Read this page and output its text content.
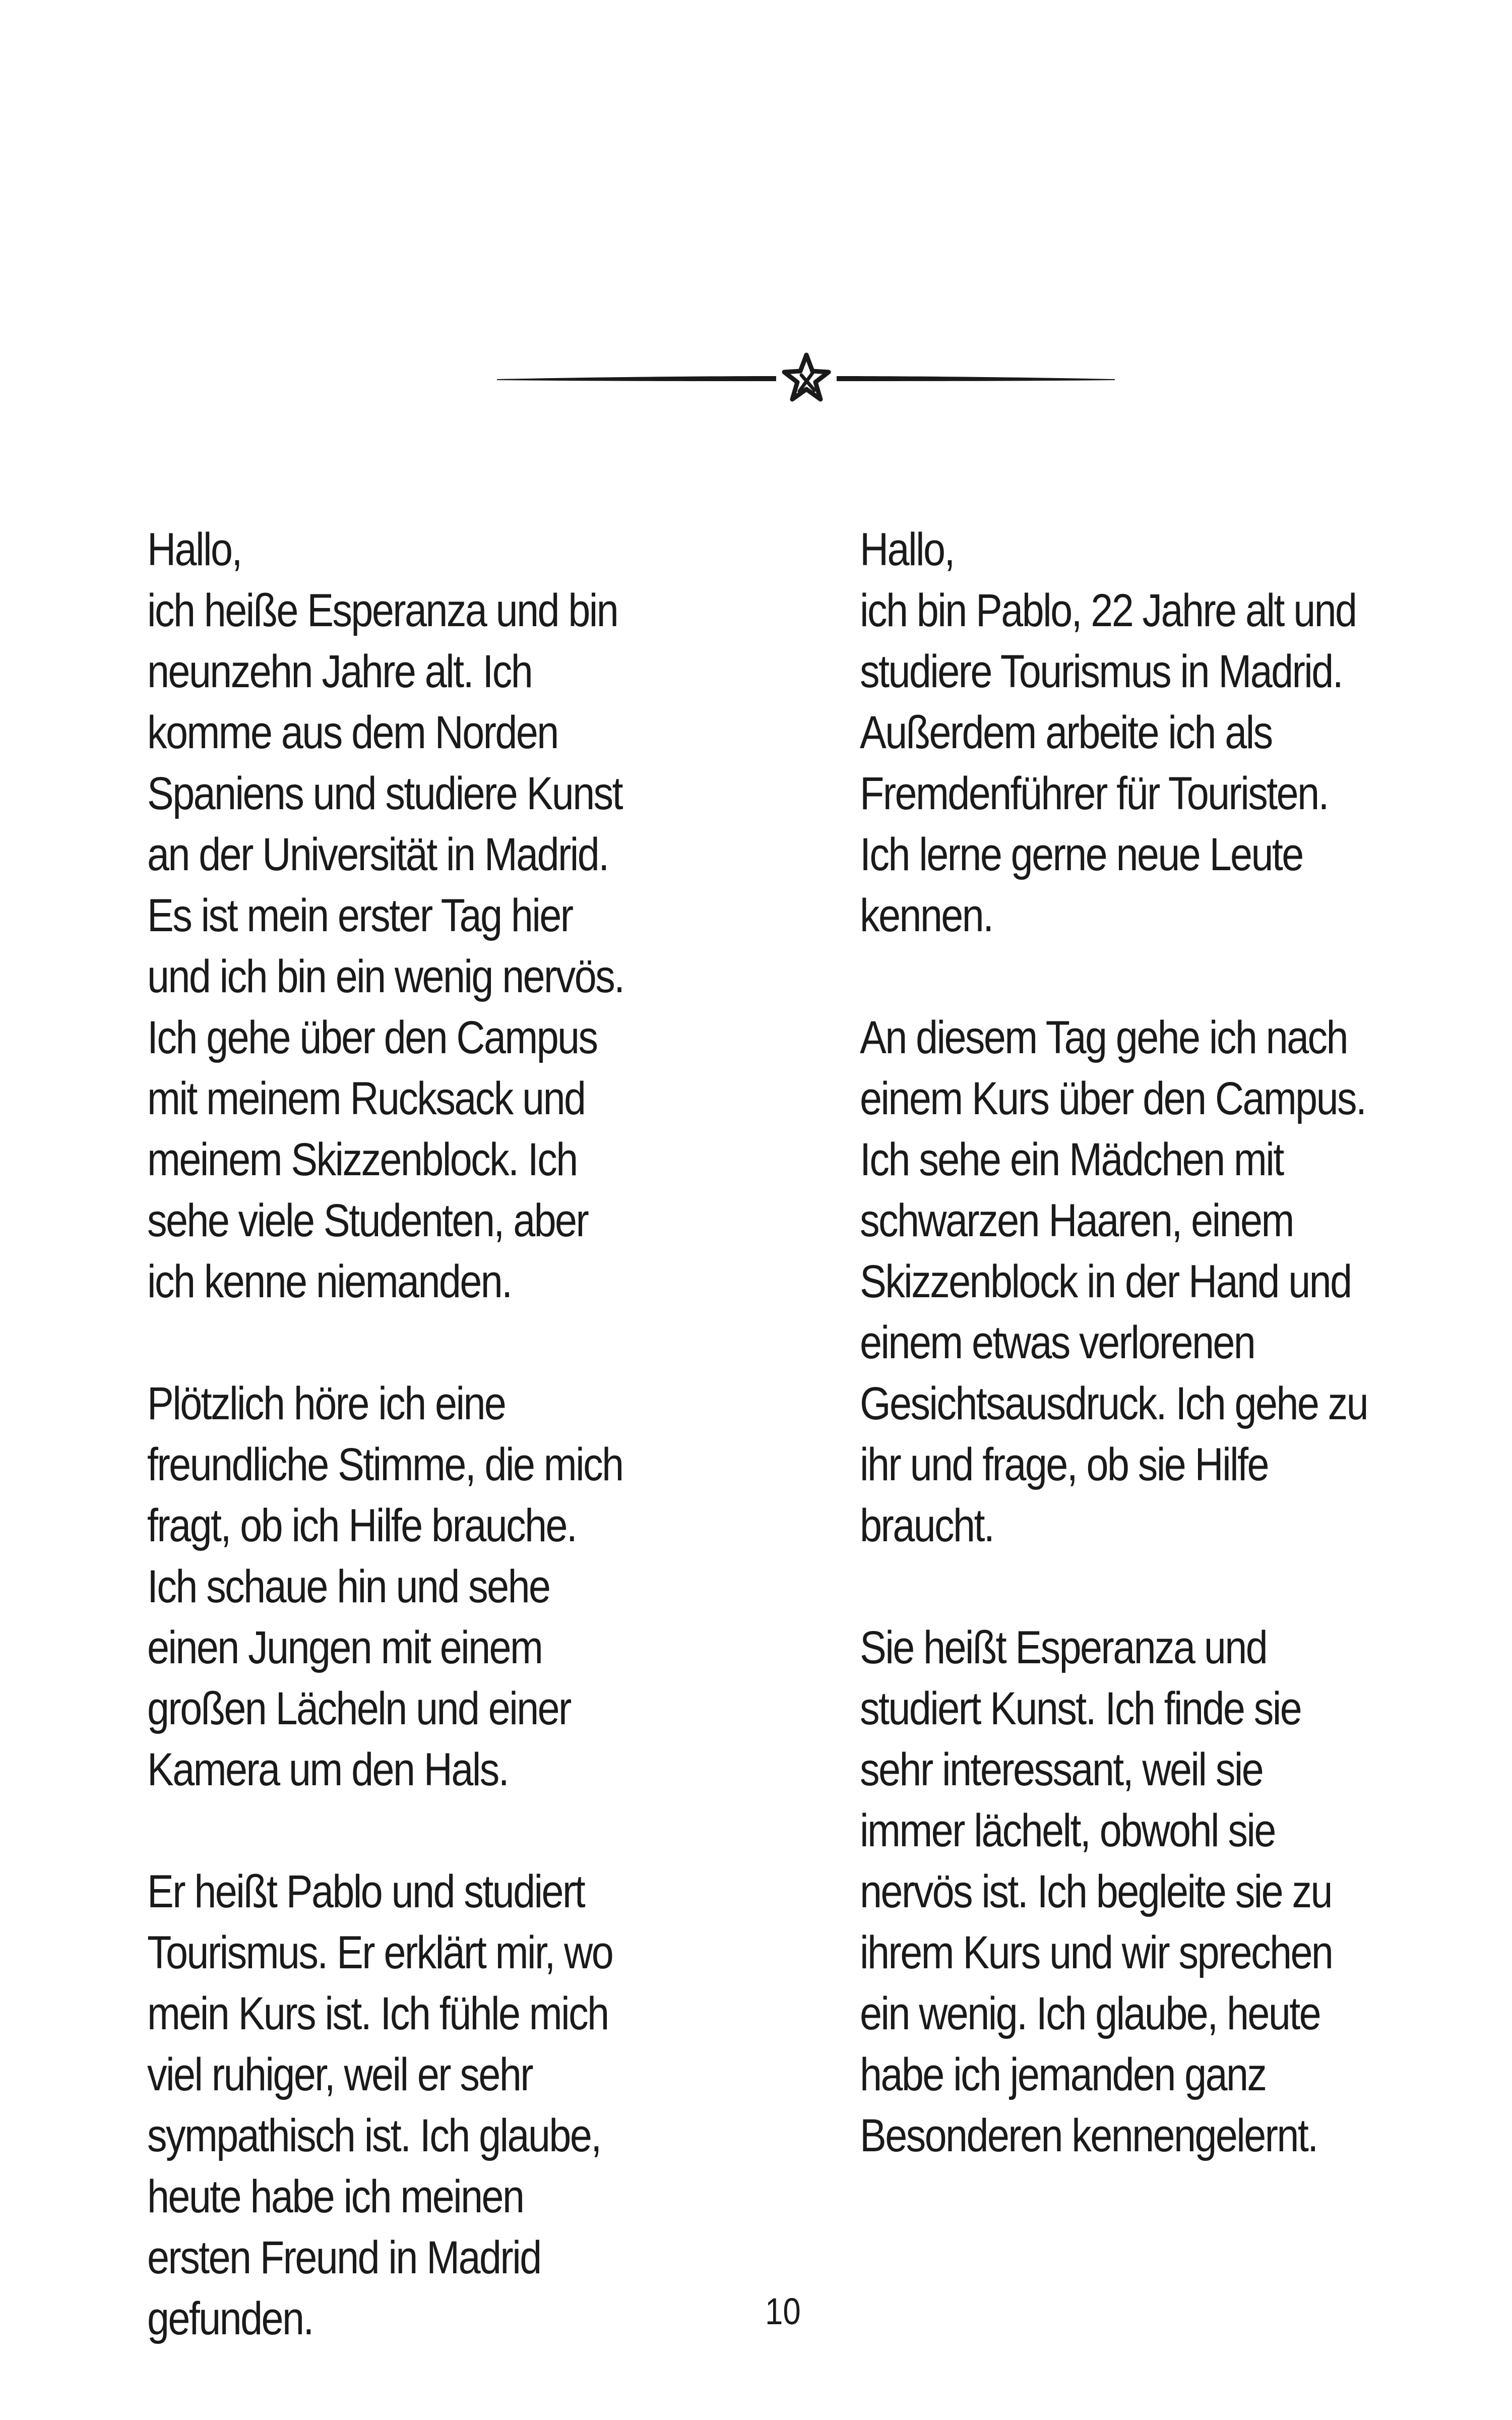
Hallo,
ich heiße Esperanza und bin
neunzehn Jahre alt. Ich
komme aus dem Norden
Spaniens und studiere Kunst
an der Universität in Madrid.
Es ist mein erster Tag hier
und ich bin ein wenig nervös.
Ich gehe über den Campus
mit meinem Rucksack und
meinem Skizzenblock. Ich
sehe viele Studenten, aber
ich kenne niemanden.
Plötzlich höre ich eine
freundliche Stimme, die mich
fragt, ob ich Hilfe brauche.
Ich schaue hin und sehe
einen Jungen mit einem
großen Lächeln und einer
Kamera um den Hals.
Er heißt Pablo und studiert
Tourismus. Er erklärt mir, wo
mein Kurs ist. Ich fühle mich
viel ruhiger, weil er sehr
sympathisch ist. Ich glaube,
heute habe ich meinen
ersten Freund in Madrid
gefunden.
Hallo,
ich bin Pablo, 22 Jahre alt und
studiere Tourismus in Madrid.
Außerdem arbeite ich als
Fremdenführer für Touristen.
Ich lerne gerne neue Leute
kennen.
An diesem Tag gehe ich nach
einem Kurs über den Campus.
Ich sehe ein Mädchen mit
schwarzen Haaren, einem
Skizzenblock in der Hand und
einem etwas verlorenen
Gesichtsausdruck. Ich gehe zu
ihr und frage, ob sie Hilfe
braucht.
Sie heißt Esperanza und
studiert Kunst. Ich finde sie
sehr interessant, weil sie
immer lächelt, obwohl sie
nervös ist. Ich begleite sie zu
ihrem Kurs und wir sprechen
ein wenig. Ich glaube, heute
habe ich jemanden ganz
Besonderen kennengelernt.
10
